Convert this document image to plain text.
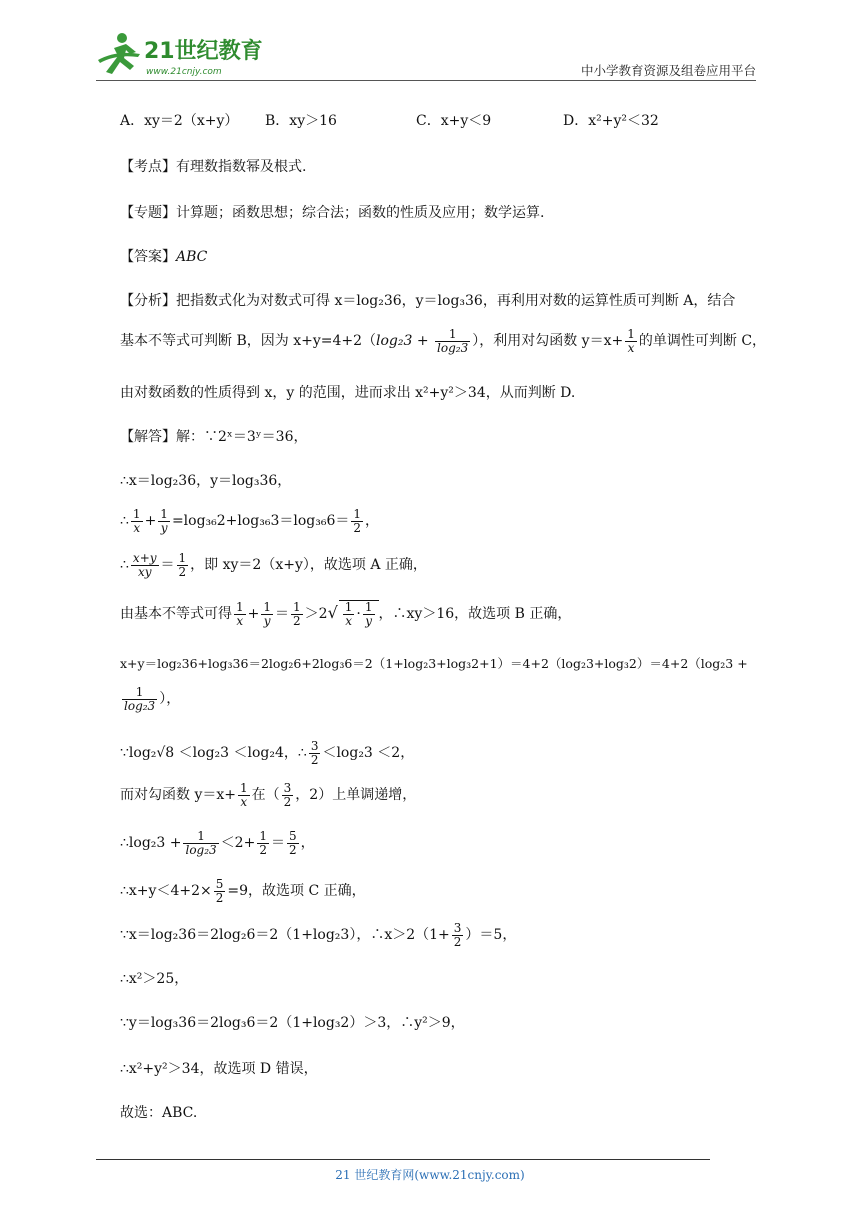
21世纪教育
www.21cnjy.com	中小学教育资源及组卷应用平台
A．xy＝2（x+y） B．xy＞16	C．x+y＜9	D．x²+y²＜32
【考点】有理数指数幂及根式.
【专题】计算题；函数思想；综合法；函数的性质及应用；数学运算.
【答案】ABC
【分析】把指数式化为对数式可得 x＝log₂36，y＝log₃36，再利用对数的运算性质可判断 A，结合
基本不等式可判断 B，因为 $x+y=4+2(\log_23 + \frac{1}{\text{log₂3}}$ ），利用对勾函数 $y=x+ \frac{1}{x}$ 的单调性可判断 C，
由对数函数的性质得到 x，y 的范围，进而求出 x²+y²＞34，从而判断 D.
【解答】解：∵2ˣ＝3ʸ＝36，
∴x＝log₂36，y＝log₃36，
∴ $\frac{1}{x} + \frac{1}{y} =\log_{36}2+\log_{36}3=\log_{36}6= \frac{1}{2}$ ，
∴ $\frac{x+y}{xy} = \frac{1}{2}$ ，即 xy＝2（x+y），故选项 A 正确，
由基本不等式可得 $\frac{1}{x} + \frac{1}{y} = \frac{1}{2} >2√ \frac{1}{x} \cdot \frac{1}{y}$ ，∴xy＞16，故选项 B 正确，
x+y＝log₂36+log₃36＝2log₂6+2log₃6＝2（1+log₂3+log₃2+1）＝4+2（log₂3+log₃2）＝4+2（log₂3 +
$\frac{1}{\text{log₂3}}$ ），
∵log₂√8 ＜log₂3 ＜log₂4，∴ $\frac{3}{2} <\log_23 <2$，
而对勾函数 $y=x+ \frac{1}{x}$ 在（ $\frac{3}{2}$ ，2）上单调递增，
∴log₂3 + $\frac{1}{\text{log₂3}} <2+ \frac{1}{2} = \frac{5}{2}$ ，
∴x+y＜4+2× $\frac{5}{2} =9$，故选项 C 正确，
∵x＝log₂36＝2log₂6＝2（1+log₂3），∴x＞2（1+ $\frac{3}{2} )=5$，
∴x²＞25，
∵y＝log₃36＝2log₃6＝2（1+log₃2）＞3，∴y²＞9，
∴x²+y²＞34，故选项 D 错误，
故选：ABC.
21 世纪教育网(www.21cnjy.com)
